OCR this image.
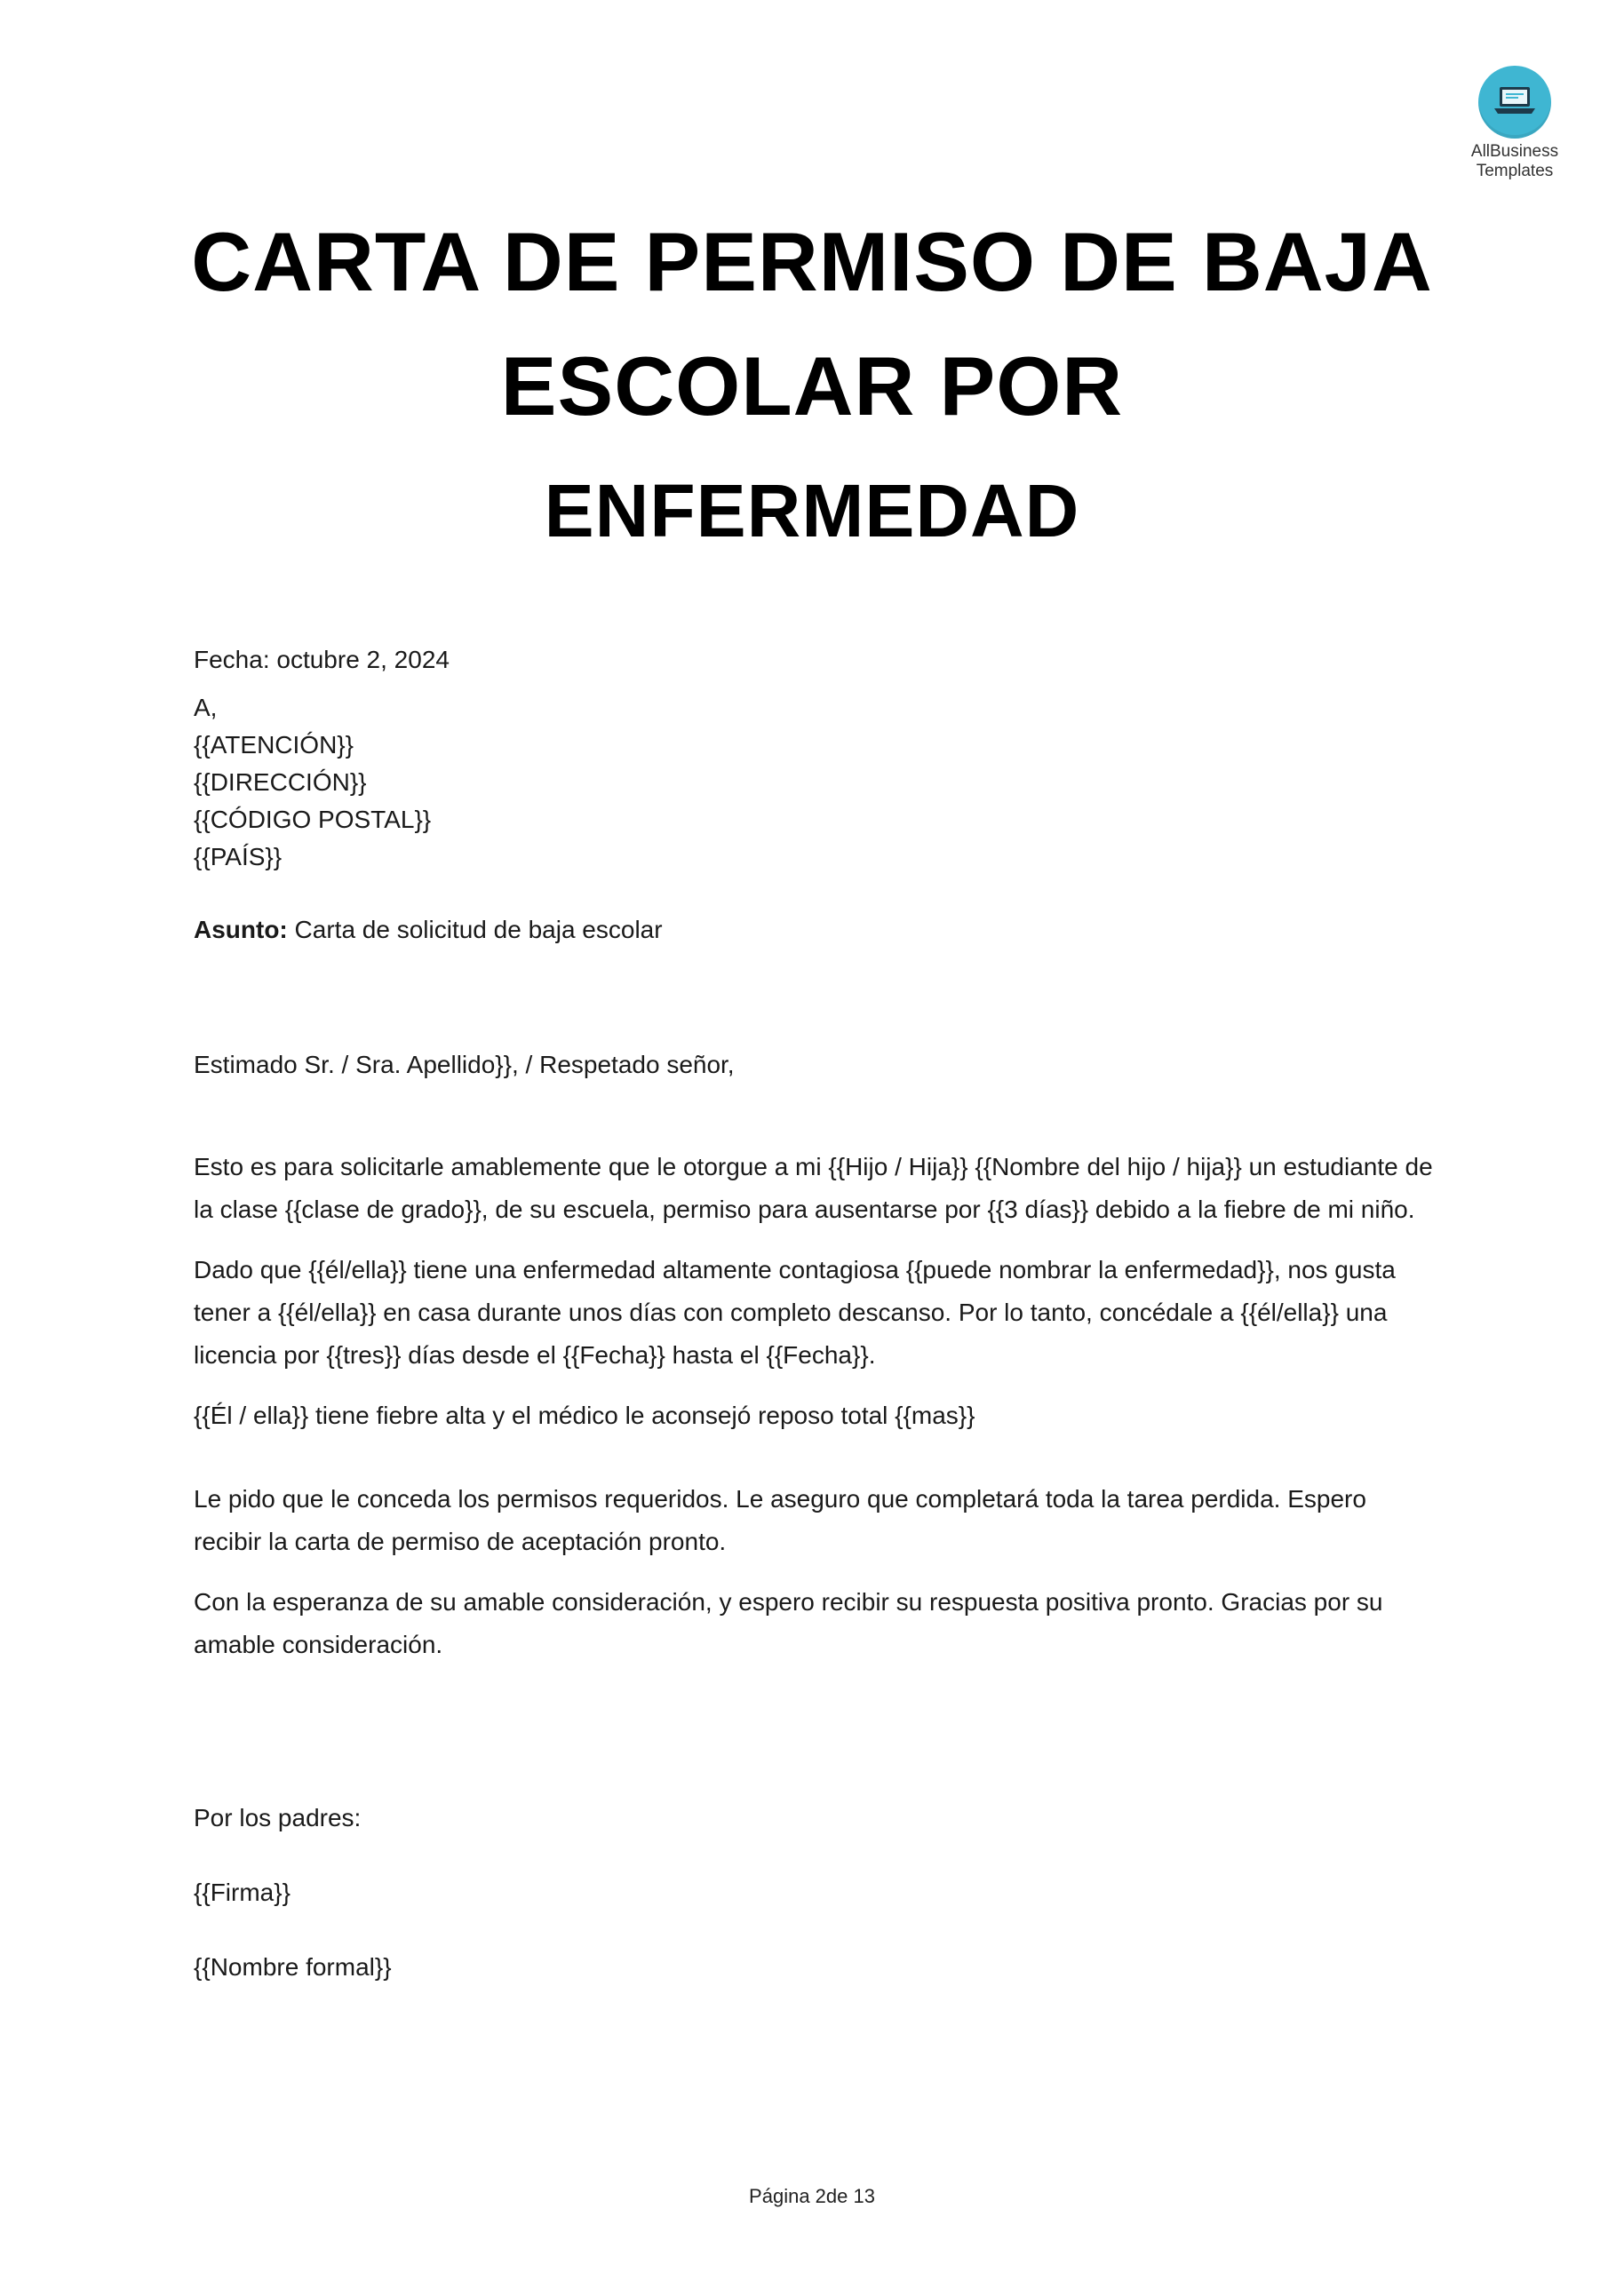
AllBusiness
Templates
CARTA DE PERMISO DE BAJA
ESCOLAR POR
ENFERMEDAD

Fecha: octubre 2, 2024

A,

{{ATENCIÓN}}

{{DIRECCIÓN}}

{{CÓDIGO POSTAL}}

{{PAÍS}}

Asunto: Carta de solicitud de baja escolar

Estimado Sr. / Sra. Apellido}}, / Respetado señor,

Esto es para solicitarle amablemente que le otorgue a mi {{Hijo / Hija}} {{Nombre del hijo / hija}} un estudiante de la clase {{clase de grado}}, de su escuela, permiso para ausentarse por {{3 días}} debido a la fiebre de mi niño.

Dado que {{él/ella}} tiene una enfermedad altamente contagiosa {{puede nombrar la enfermedad}}, nos gusta tener a {{él/ella}} en casa durante unos días con completo descanso. Por lo tanto, concédale a {{él/ella}} una licencia por {{tres}} días desde el {{Fecha}} hasta el {{Fecha}}.

{{Él / ella}} tiene fiebre alta y el médico le aconsejó reposo total {{mas}}

Le pido que le conceda los permisos requeridos. Le aseguro que completará toda la tarea perdida. Espero recibir la carta de permiso de aceptación pronto.

Con la esperanza de su amable consideración, y espero recibir su respuesta positiva pronto. Gracias por su amable consideración.

Por los padres:

{{Firma}}

{{Nombre formal}}

Página 2de 13
